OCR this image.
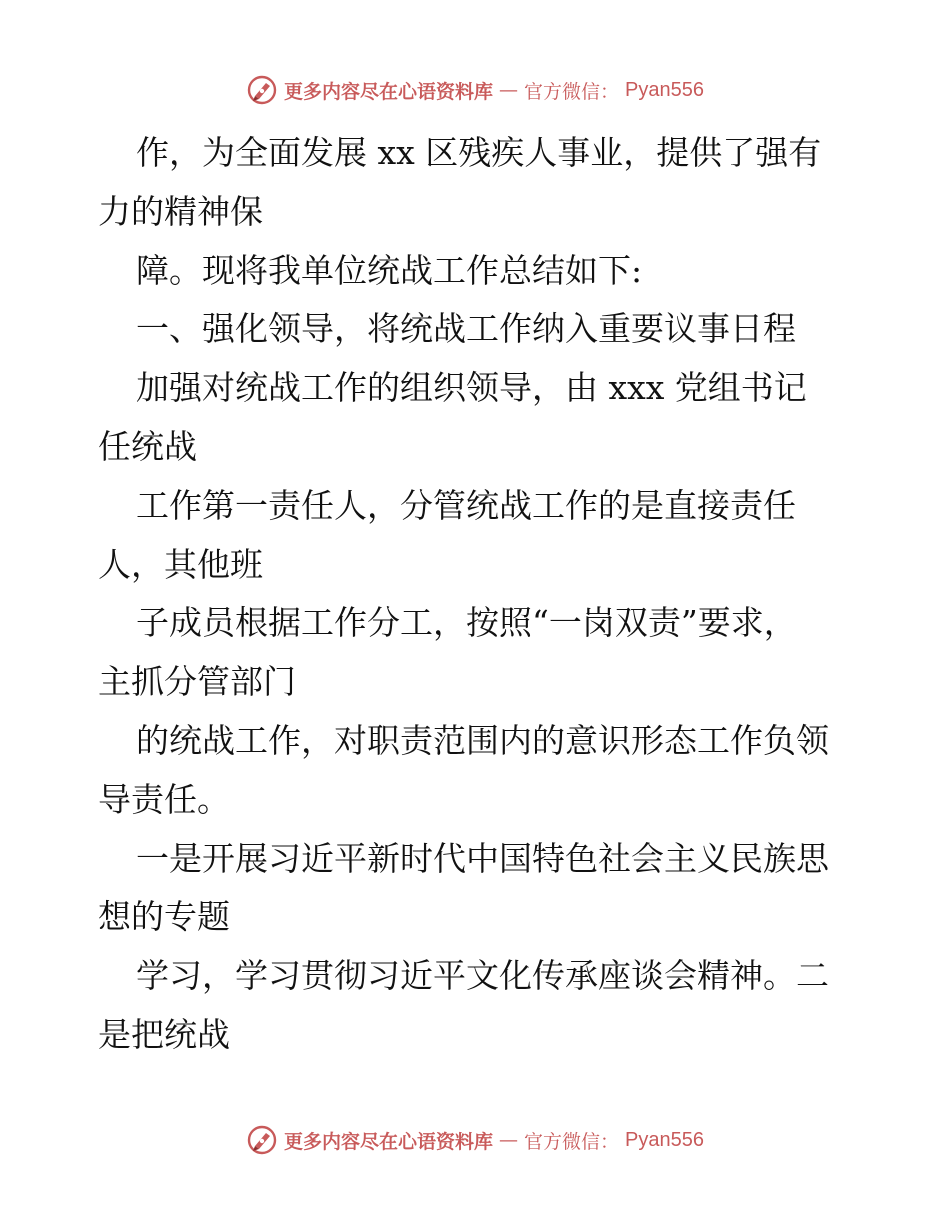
更多内容尽在心语资料库 — 官方微信： Pyan556
作，为全面发展 xx 区残疾人事业，提供了强有
力的精神保
障。现将我单位统战工作总结如下:
一、强化领导，将统战工作纳入重要议事日程
加强对统战工作的组织领导，由 xxx 党组书记
任统战
工作第一责任人，分管统战工作的是直接责任
人，其他班
子成员根据工作分工，按照“一岗双责”要求，
主抓分管部门
的统战工作，对职责范围内的意识形态工作负领
导责任。
一是开展习近平新时代中国特色社会主义民族思
想的专题
学习，学习贯彻习近平文化传承座谈会精神。二
是把统战
更多内容尽在心语资料库 — 官方微信： Pyan556
